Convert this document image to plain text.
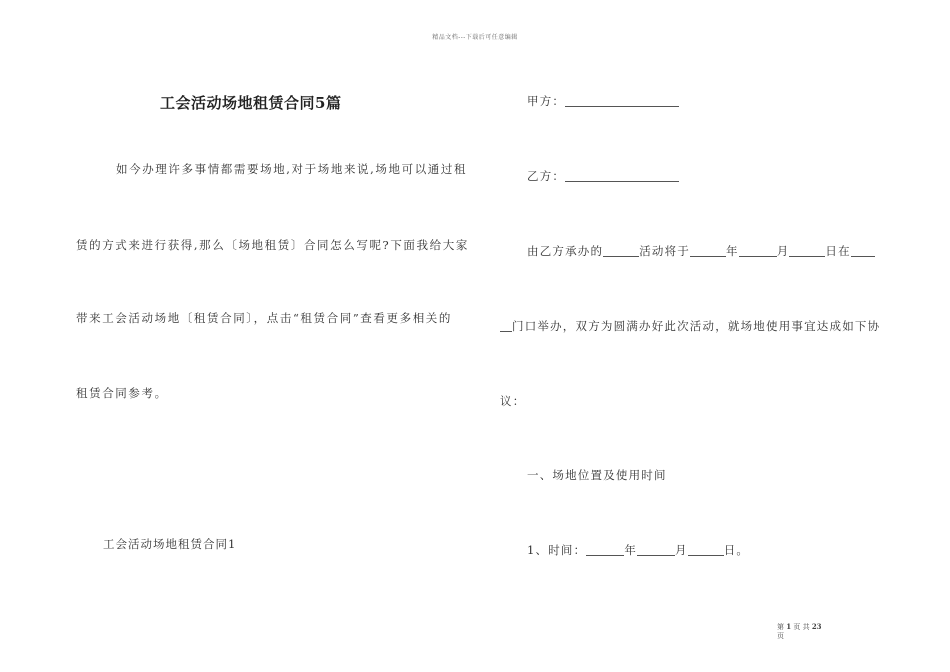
精品文档---下载后可任意编辑
工会活动场地租赁合同5篇
如今办理许多事情都需要场地,对于场地来说,场地可以通过租
赁的方式来进行获得,那么〔场地租赁〕合同怎么写呢?下面我给大家
带来工会活动场地〔租赁合同〕，点击“租赁合同”查看更多相关的
租赁合同参考。
工会活动场地租赁合同1
甲方：
乙方：
由乙方承办的	活动将于	年	月	日在
门口举办，双方为圆满办好此次活动，就场地使用事宜达成如下协
议：
一、场地位置及使用时间
1、时间：	年	月	日。
第 1 页 共 23
页
